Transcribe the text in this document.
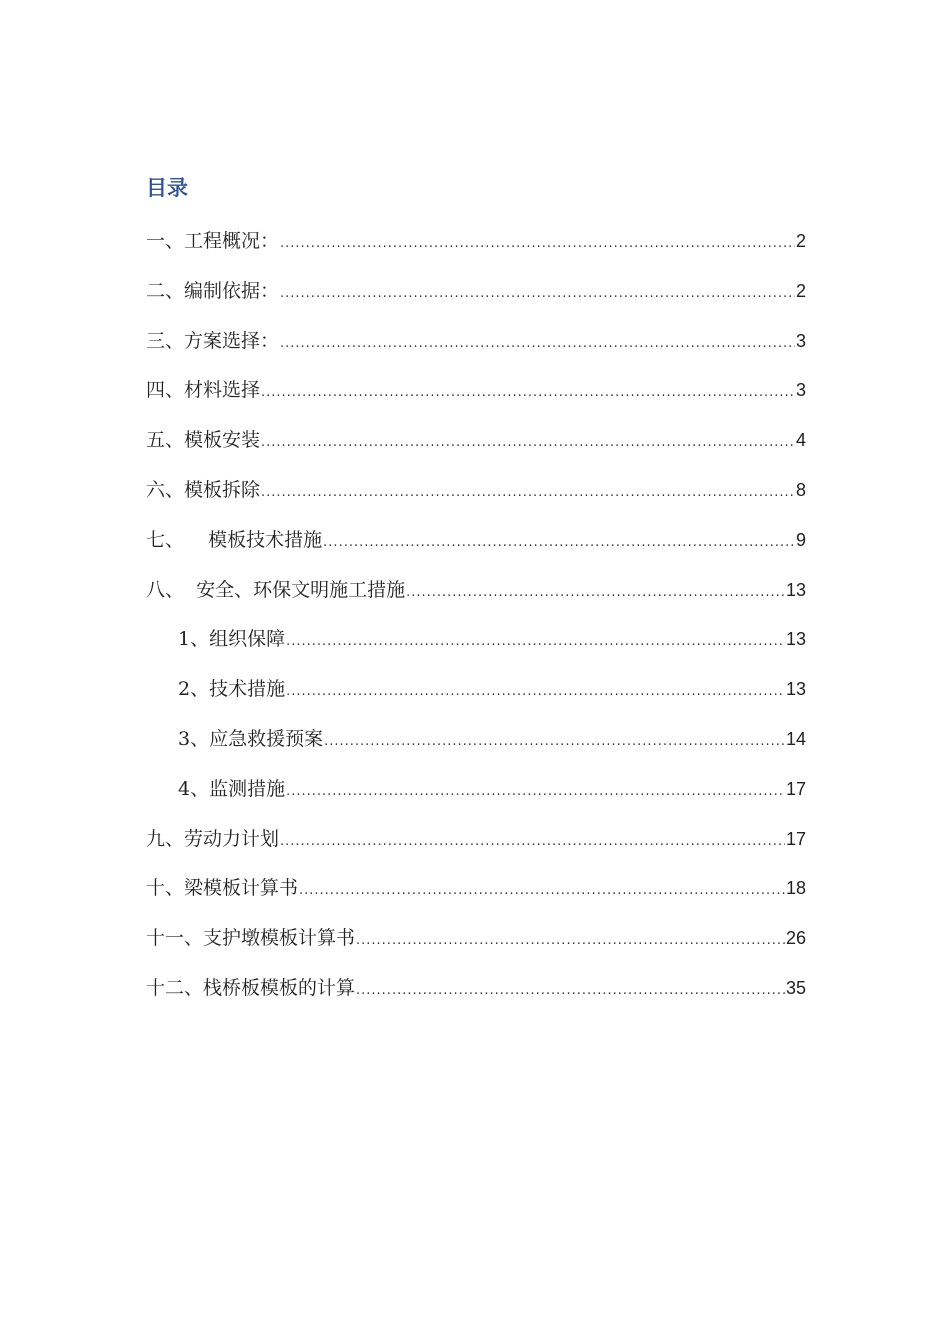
目录
一、工程概况： .....	2
二、编制依据： .....	2
三、方案选择： .....	3
四、材料选择 .....	3
五、模板安装 .....	4
六、模板拆除 .....	8
七、    模板技术措施 .....	9
八、  安全、环保文明施工措施 .....	13
1、组织保障 .....	13
2、技术措施 .....	13
3、应急救援预案 .....	14
4、监测措施 .....	17
九、劳动力计划 .....	17
十、梁模板计算书 .....	18
十一、支护墩模板计算书 .....	26
十二、栈桥板模板的计算 .....	35
